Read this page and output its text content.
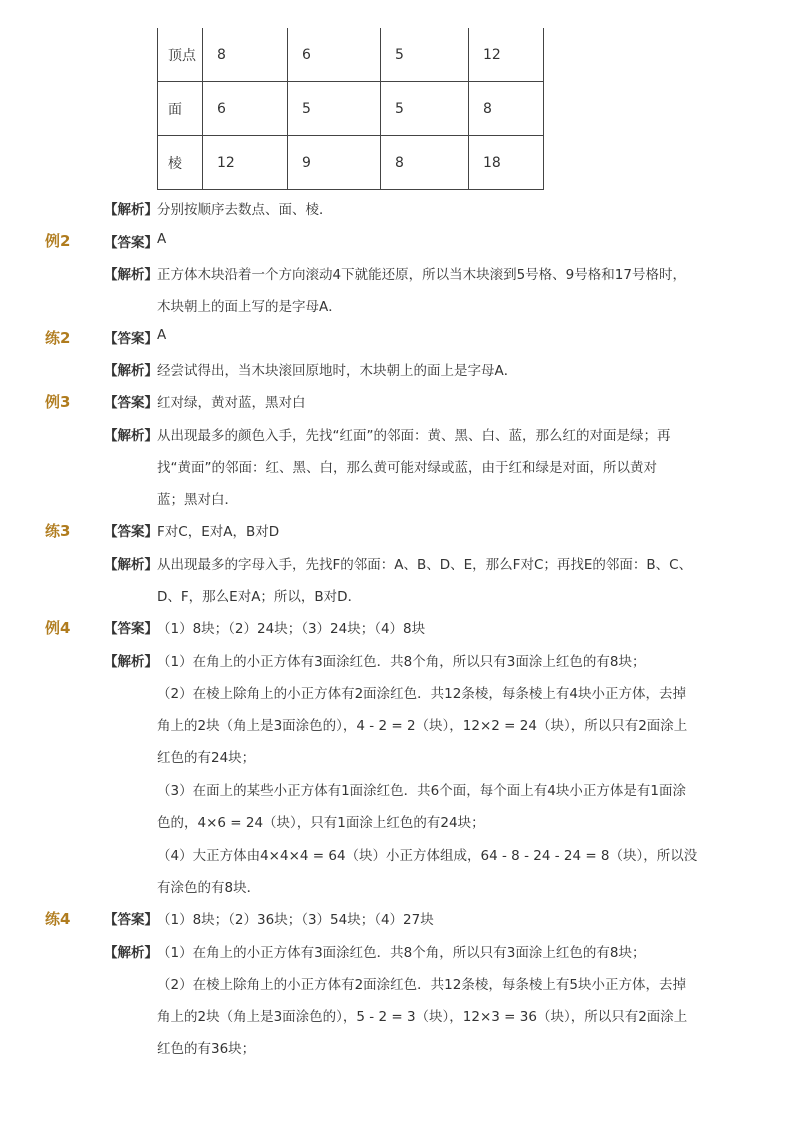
顶点	8	6	5	12
面	6	5	5	8
棱	12	9	8	18
【解析】 分别按顺序去数点、面、棱．
例2 【答案】 A
【解析】 正方体木块沿着一个方向滚动4下就能还原，所以当木块滚到5号格、9号格和17号格时，
木块朝上的面上写的是字母A．
练2 【答案】 A
【解析】 经尝试得出，当木块滚回原地时，木块朝上的面上是字母A．
例3 【答案】 红对绿，黄对蓝，黑对白
【解析】 从出现最多的颜色入手，先找“红面”的邻面：黄、黑、白、蓝，那么红的对面是绿；再
找“黄面”的邻面：红、黑、白，那么黄可能对绿或蓝，由于红和绿是对面，所以黄对
蓝；黑对白．
练3 【答案】 F对C，E对A，B对D
【解析】 从出现最多的字母入手，先找F的邻面：A、B、D、E，那么F对C；再找E的邻面：B、C、
D、F，那么E对A；所以，B对D．
例4 【答案】 （1）8块；（2）24块；（3）24块；（4）8块
【解析】 （1）在角上的小正方体有3面涂红色．共8个角，所以只有3面涂上红色的有8块；
（2）在棱上除角上的小正方体有2面涂红色．共12条棱，每条棱上有4块小正方体，去掉
角上的2块（角上是3面涂色的），4 - 2 = 2（块），12×2 = 24（块），所以只有2面涂上
红色的有24块；
（3）在面上的某些小正方体有1面涂红色．共6个面，每个面上有4块小正方体是有1面涂
色的，4×6 = 24（块），只有1面涂上红色的有24块；
（4）大正方体由4×4×4 = 64（块）小正方体组成，64 - 8 - 24 - 24 = 8（块），所以没
有涂色的有8块．
练4 【答案】 （1）8块；（2）36块；（3）54块；（4）27块
【解析】 （1）在角上的小正方体有3面涂红色．共8个角，所以只有3面涂上红色的有8块；
（2）在棱上除角上的小正方体有2面涂红色．共12条棱，每条棱上有5块小正方体，去掉
角上的2块（角上是3面涂色的），5 - 2 = 3（块），12×3 = 36（块），所以只有2面涂上
红色的有36块；
